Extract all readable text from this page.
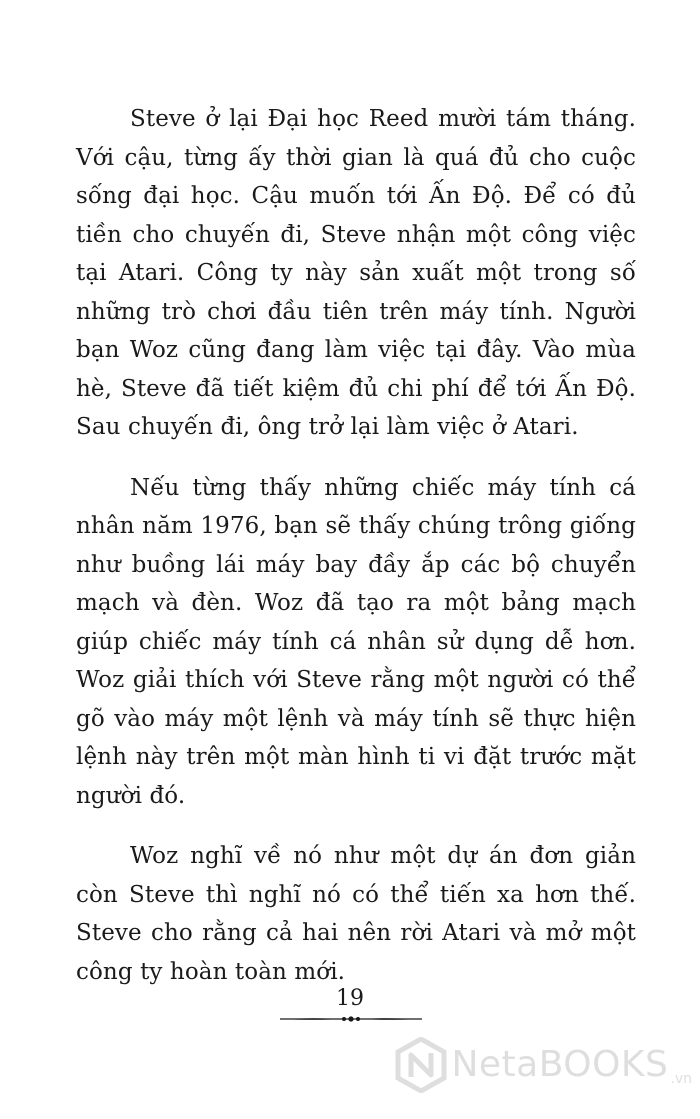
Steve ở lại Đại học Reed mười tám tháng. Với cậu, từng ấy thời gian là quá đủ cho cuộc sống đại học. Cậu muốn tới Ấn Độ. Để có đủ tiền cho chuyến đi, Steve nhận một công việc tại Atari. Công ty này sản xuất một trong số những trò chơi đầu tiên trên máy tính. Người bạn Woz cũng đang làm việc tại đây. Vào mùa hè, Steve đã tiết kiệm đủ chi phí để tới Ấn Độ. Sau chuyến đi, ông trở lại làm việc ở Atari.

Nếu từng thấy những chiếc máy tính cá nhân năm 1976, bạn sẽ thấy chúng trông giống như buồng lái máy bay đầy ắp các bộ chuyển mạch và đèn. Woz đã tạo ra một bảng mạch giúp chiếc máy tính cá nhân sử dụng dễ hơn. Woz giải thích với Steve rằng một người có thể gõ vào máy một lệnh và máy tính sẽ thực hiện lệnh này trên một màn hình ti vi đặt trước mặt người đó.

Woz nghĩ về nó như một dự án đơn giản còn Steve thì nghĩ nó có thể tiến xa hơn thế. Steve cho rằng cả hai nên rời Atari và mở một công ty hoàn toàn mới.

19
NetaBOOKS .vn
